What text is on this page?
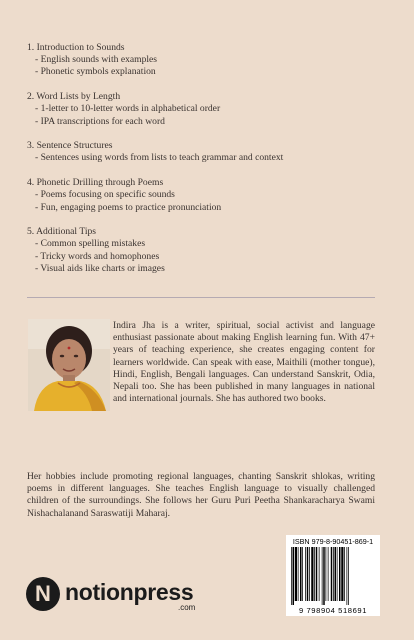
1. Introduction to Sounds

- English sounds with examples

- Phonetic symbols explanation

2. Word Lists by Length

- 1-letter to 10-letter words in alphabetical order

- IPA transcriptions for each word

3. Sentence Structures

- Sentences using words from lists to teach grammar and context

4. Phonetic Drilling through Poems

- Poems focusing on specific sounds

- Fun, engaging poems to practice pronunciation

5. Additional Tips

- Common spelling mistakes

- Tricky words and homophones

- Visual aids like charts or images

Indira Jha is a writer, spiritual, social activist and language enthusiast passionate about making English learning fun. With 47+ years of teaching experience, she creates engaging content for learners worldwide. Can speak with ease, Maithili (mother tongue), Hindi, English, Bengali languages. Can understand Sanskrit, Odia, Nepali too. She has been published in many languages in national and international journals. She has authored two books.

Her hobbies include promoting regional languages, chanting Sanskrit shlokas, writing poems in different languages. She teaches English language to visually challenged children of the surroundings. She follows her Guru Puri Peetha Shankaracharya Swami Nishachalanand Saraswatiji Maharaj.

N notionpress
.com
ISBN 979-8-90451-869-1
9 798904 518691
